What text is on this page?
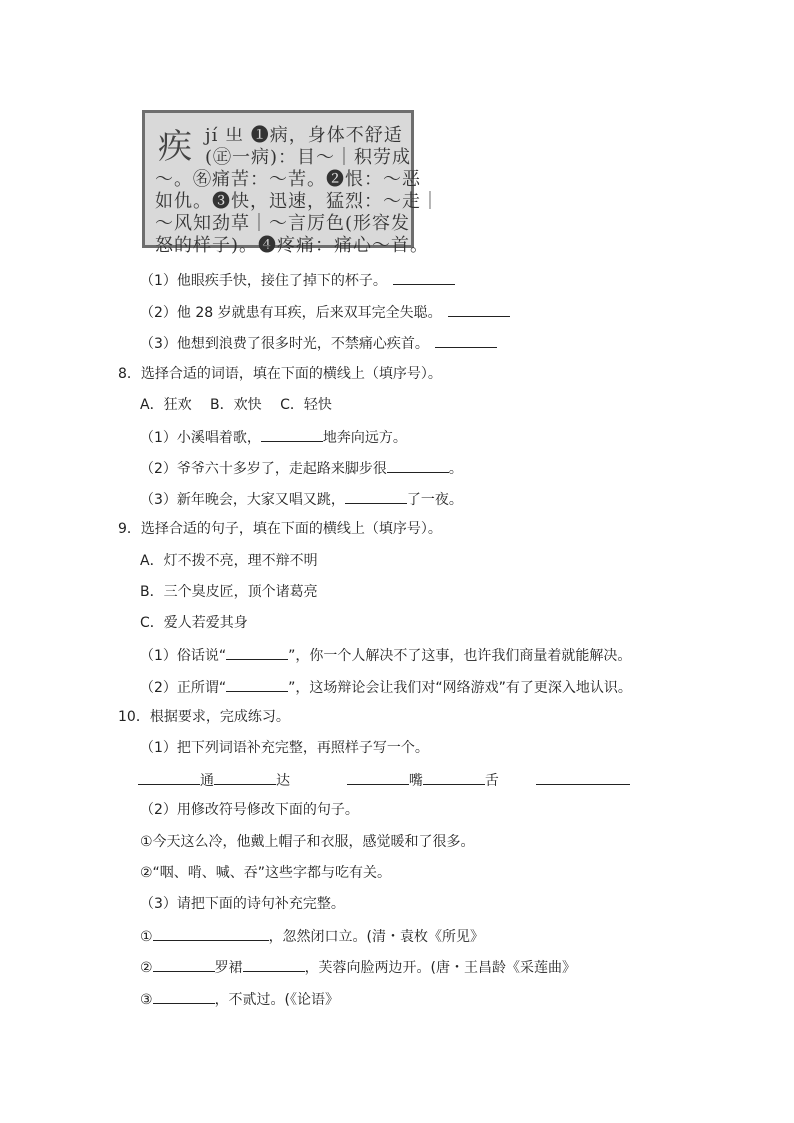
疾 jí 㞢 ❶病，身体不舒适
(㊣一病)：目～｜积劳成
～。㊔痛苦：～苦。❷恨：～恶
如仇。❸快，迅速，猛烈：～走｜
～风知劲草｜～言厉色(形容发
怒的样子)。❹疼痛：痛心～首。
（1）他眼疾手快，接住了掉下的杯子。
（2）他 28 岁就患有耳疾，后来双耳完全失聪。
（3）他想到浪费了很多时光，不禁痛心疾首。
8．选择合适的词语，填在下面的横线上（填序号）。
A．狂欢　 B．欢快　 C．轻快
（1）小溪唱着歌，	地奔向远方。
（2）爷爷六十多岁了，走起路来脚步很	。
（3）新年晚会，大家又唱又跳，	了一夜。
9．选择合适的句子，填在下面的横线上（填序号）。
A．灯不拨不亮，理不辩不明
B．三个臭皮匠，顶个诸葛亮
C．爱人若爱其身
（1）俗话说“	”，你一个人解决不了这事，也许我们商量着就能解决。
（2）正所谓“	”，这场辩论会让我们对“网络游戏”有了更深入地认识。
10．根据要求，完成练习。
（1）把下列词语补充完整，再照样子写一个。
通	达	嘴	舌
（2）用修改符号修改下面的句子。
①今天这么冷，他戴上帽子和衣服，感觉暖和了很多。
②“咽、啃、喊、吞”这些字都与吃有关。
（3）请把下面的诗句补充完整。
①	，忽然闭口立。(清・袁枚《所见》
②	罗裙	，芙蓉向脸两边开。(唐・王昌龄《采莲曲》
③	，不贰过。(《论语》
